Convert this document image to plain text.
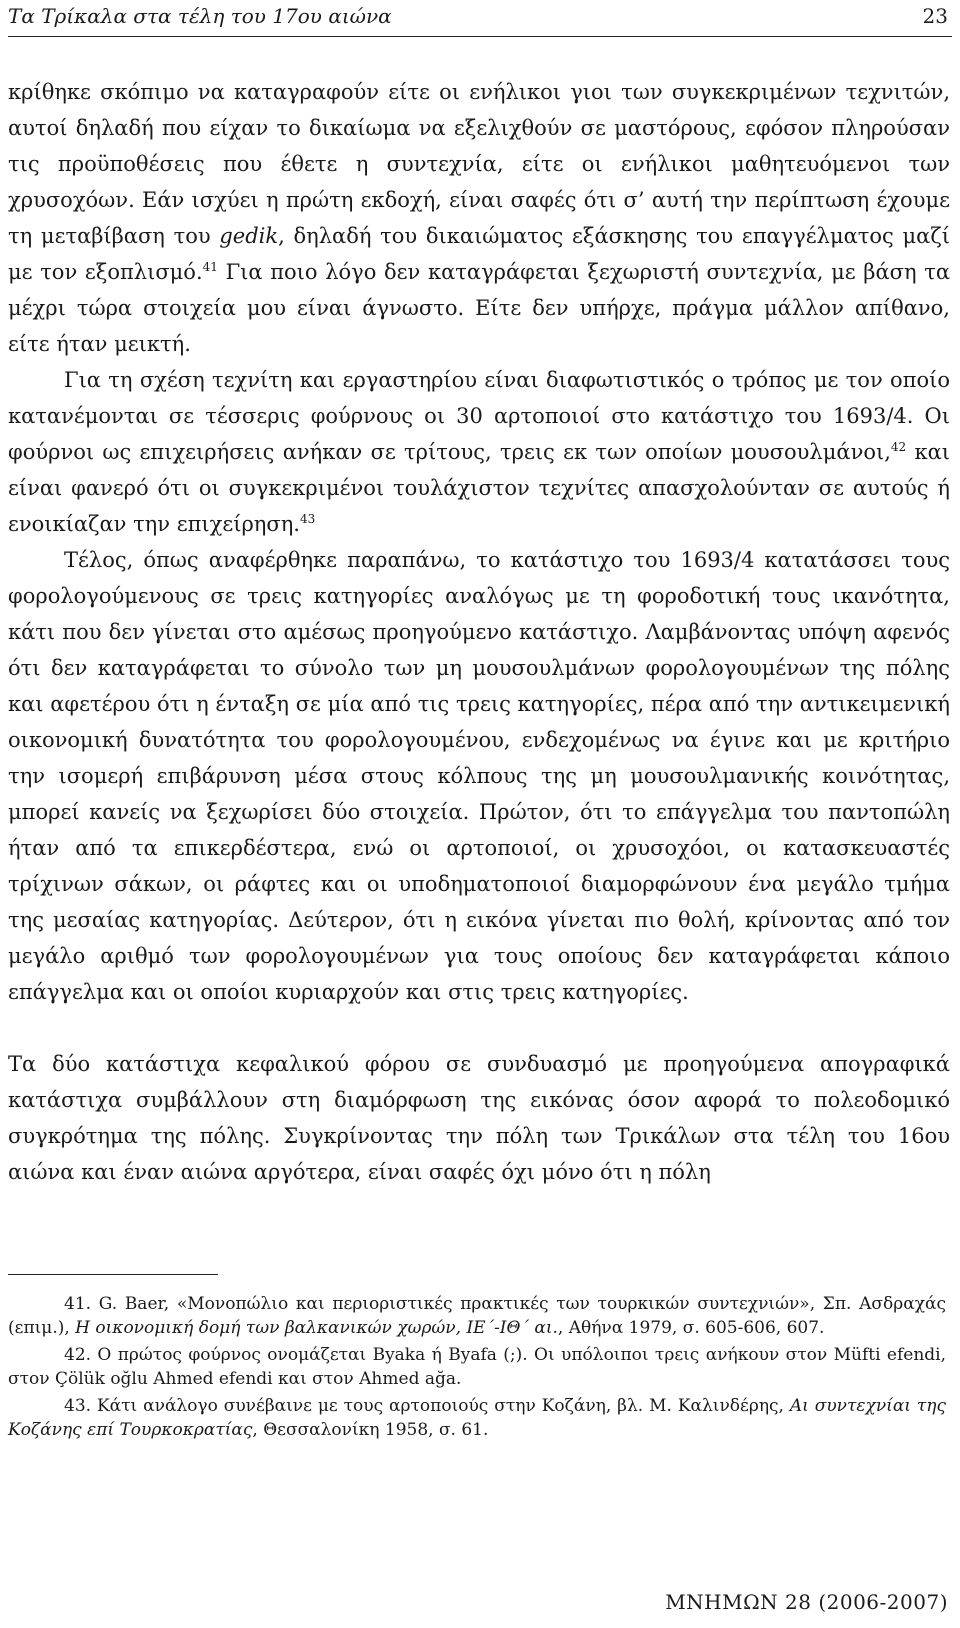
Τα Τρίκαλα στα τέλη του 17ου αιώνα	23

κρίθηκε σκόπιμο να καταγραφούν είτε οι ενήλικοι γιοι των συγκεκριμένων τεχνιτών, αυτοί δηλαδή που είχαν το δικαίωμα να εξελιχθούν σε μαστόρους, εφόσον πληρούσαν τις προϋποθέσεις που έθετε η συντεχνία, είτε οι ενήλικοι μαθητευόμενοι των χρυσοχόων. Εάν ισχύει η πρώτη εκδοχή, είναι σαφές ότι σ’ αυτή την περίπτωση έχουμε τη μεταβίβαση του gedik, δηλαδή του δικαιώματος εξάσκησης του επαγγέλματος μαζί με τον εξοπλισμό.$^{41}$ Για ποιο λόγο δεν καταγράφεται ξεχωριστή συντεχνία, με βάση τα μέχρι τώρα στοιχεία μου είναι άγνωστο. Είτε δεν υπήρχε, πράγμα μάλλον απίθανο, είτε ήταν μεικτή.

Για τη σχέση τεχνίτη και εργαστηρίου είναι διαφωτιστικός ο τρόπος με τον οποίο κατανέμονται σε τέσσερις φούρνους οι 30 αρτοποιοί στο κατάστιχο του 1693/4. Οι φούρνοι ως επιχειρήσεις ανήκαν σε τρίτους, τρεις εκ των οποίων μουσουλμάνοι,$^{42}$ και είναι φανερό ότι οι συγκεκριμένοι τουλάχιστον τεχνίτες απασχολούνταν σε αυτούς ή ενοικίαζαν την επιχείρηση.$^{43}$

Τέλος, όπως αναφέρθηκε παραπάνω, το κατάστιχο του 1693/4 κατατάσσει τους φορολογούμενους σε τρεις κατηγορίες αναλόγως με τη φοροδοτική τους ικανότητα, κάτι που δεν γίνεται στο αμέσως προηγούμενο κατάστιχο. Λαμβάνοντας υπόψη αφενός ότι δεν καταγράφεται το σύνολο των μη μουσουλμάνων φορολογουμένων της πόλης και αφετέρου ότι η ένταξη σε μία από τις τρεις κατηγορίες, πέρα από την αντικειμενική οικονομική δυνατότητα του φορολογουμένου, ενδεχομένως να έγινε και με κριτήριο την ισομερή επιβάρυνση μέσα στους κόλπους της μη μουσουλμανικής κοινότητας, μπορεί κανείς να ξεχωρίσει δύο στοιχεία. Πρώτον, ότι το επάγγελμα του παντοπώλη ήταν από τα επικερδέστερα, ενώ οι αρτοποιοί, οι χρυσοχόοι, οι κατασκευαστές τρίχινων σάκων, οι ράφτες και οι υποδηματοποιοί διαμορφώνουν ένα μεγάλο τμήμα της μεσαίας κατηγορίας. Δεύτερον, ότι η εικόνα γίνεται πιο θολή, κρίνοντας από τον μεγάλο αριθμό των φορολογουμένων για τους οποίους δεν καταγράφεται κάποιο επάγγελμα και οι οποίοι κυριαρχούν και στις τρεις κατηγορίες.

Τα δύο κατάστιχα κεφαλικού φόρου σε συνδυασμό με προηγούμενα απογραφικά κατάστιχα συμβάλλουν στη διαμόρφωση της εικόνας όσον αφορά το πολεοδομικό συγκρότημα της πόλης. Συγκρίνοντας την πόλη των Τρικάλων στα τέλη του 16ου αιώνα και έναν αιώνα αργότερα, είναι σαφές όχι μόνο ότι η πόλη

41. G. Baer, «Μονοπώλιο και περιοριστικές πρακτικές των τουρκικών συντεχνιών», Σπ. Ασδραχάς (επιμ.), Η οικονομική δομή των βαλκανικών χωρών, ΙΕ΄-ΙΘ΄ αι., Αθήνα 1979, σ. 605-606, 607.

42. Ο πρώτος φούρνος ονομάζεται Byaka ή Byafa (;). Οι υπόλοιποι τρεις ανήκουν στον Müfti efendi, στον Çölük oğlu Ahmed efendi και στον Ahmed ağa.

43. Κάτι ανάλογο συνέβαινε με τους αρτοποιούς στην Κοζάνη, βλ. Μ. Καλινδέρης, Αι συντεχνίαι της Κοζάνης επί Τουρκοκρατίας, Θεσσαλονίκη 1958, σ. 61.

ΜΝΗΜΩΝ 28 (2006-2007)
